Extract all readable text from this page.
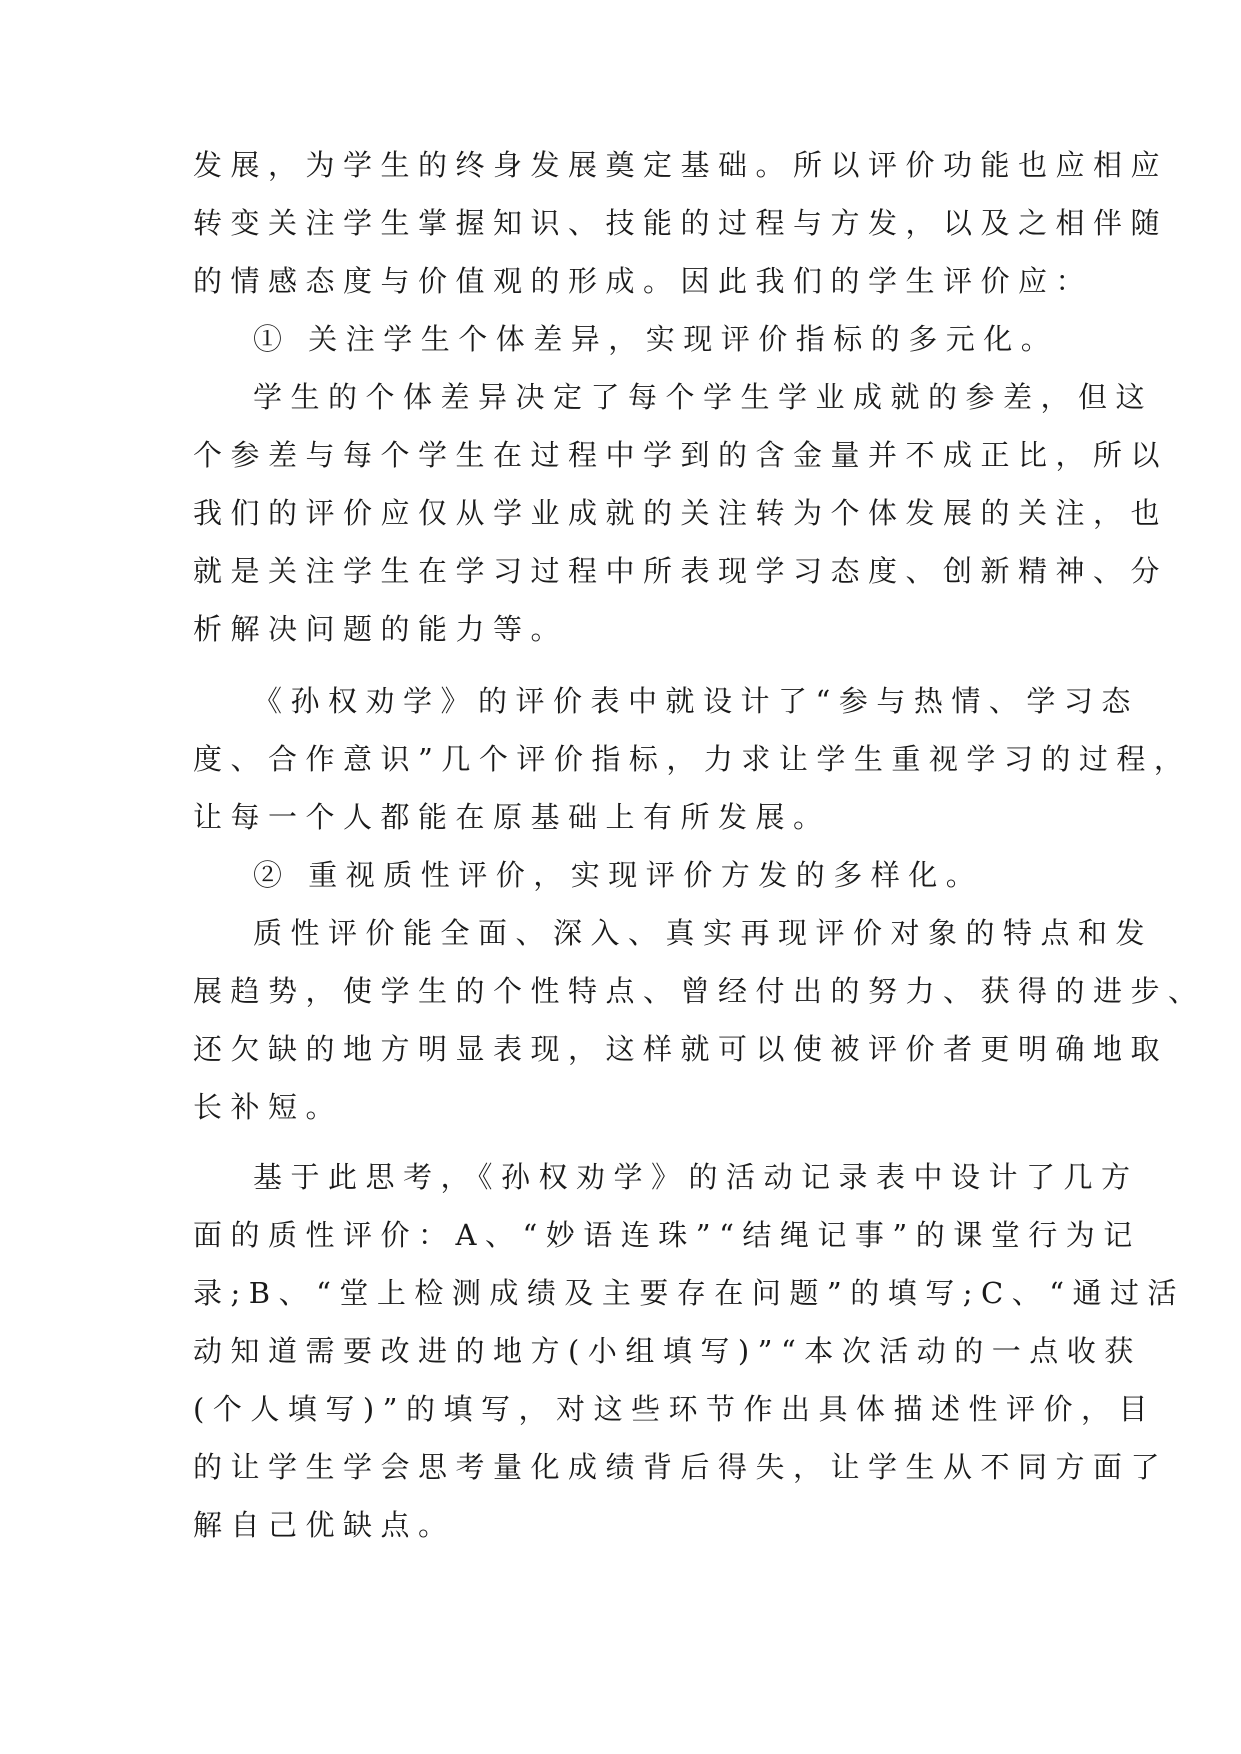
发展，为学生的终身发展奠定基础。所以评价功能也应相应
转变关注学生掌握知识、技能的过程与方发，以及之相伴随
的情感态度与价值观的形成。因此我们的学生评价应：
① 关注学生个体差异，实现评价指标的多元化。
学生的个体差异决定了每个学生学业成就的参差，但这
个参差与每个学生在过程中学到的含金量并不成正比，所以
我们的评价应仅从学业成就的关注转为个体发展的关注，也
就是关注学生在学习过程中所表现学习态度、创新精神、分
析解决问题的能力等。
《孙权劝学》的评价表中就设计了“参与热情、学习态
度、合作意识”几个评价指标，力求让学生重视学习的过程，
让每一个人都能在原基础上有所发展。
② 重视质性评价，实现评价方发的多样化。
质性评价能全面、深入、真实再现评价对象的特点和发
展趋势，使学生的个性特点、曾经付出的努力、获得的进步、
还欠缺的地方明显表现，这样就可以使被评价者更明确地取
长补短。
基于此思考，《孙权劝学》的活动记录表中设计了几方
面的质性评价：A、“妙语连珠”“结绳记事”的课堂行为记
录;B、“堂上检测成绩及主要存在问题”的填写;C、“通过活
动知道需要改进的地方(小组填写)”“本次活动的一点收获
(个人填写)”的填写，对这些环节作出具体描述性评价，目
的让学生学会思考量化成绩背后得失，让学生从不同方面了
解自己优缺点。
